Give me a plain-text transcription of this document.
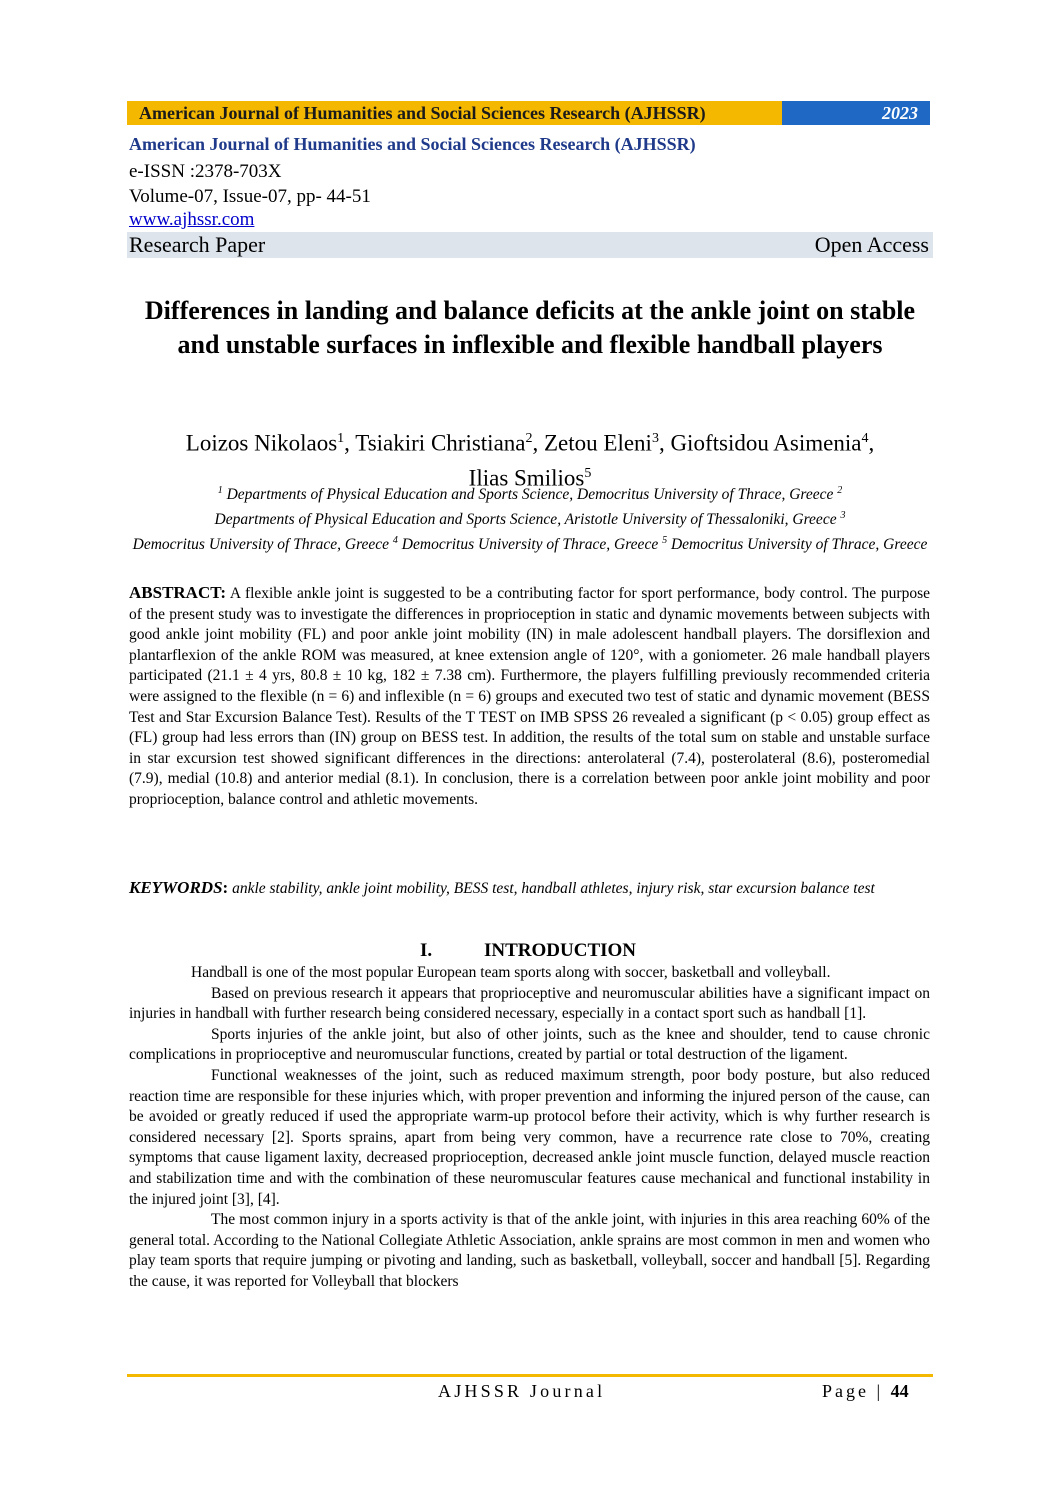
American Journal of Humanities and Social Sciences Research (AJHSSR)	2023
American Journal of Humanities and Social Sciences Research (AJHSSR)
e-ISSN :2378-703X
Volume-07, Issue-07, pp- 44-51
www.ajhssr.com
Research Paper	Open Access
Differences in landing and balance deficits at the ankle joint on stable and unstable surfaces in inflexible and flexible handball players
Loizos Nikolaos$^1$, Tsiakiri Christiana$^2$, Zetou Eleni$^3$, Gioftsidou Asimenia$^4$,
Ilias Smilios$^5$
$^1$ Departments of Physical Education and Sports Science, Democritus University of Thrace, Greece $^2$
Departments of Physical Education and Sports Science, Aristotle University of Thessaloniki, Greece $^3$
Democritus University of Thrace, Greece $^4$ Democritus University of Thrace, Greece $^5$ Democritus University of Thrace, Greece
ABSTRACT: A flexible ankle joint is suggested to be a contributing factor for sport performance, body control. The purpose of the present study was to investigate the differences in proprioception in static and dynamic movements between subjects with good ankle joint mobility (FL) and poor ankle joint mobility (IN) in male adolescent handball players. The dorsiflexion and plantarflexion of the ankle ROM was measured, at knee extension angle of 120°, with a goniometer. 26 male handball players participated (21.1 ± 4 yrs, 80.8 ± 10 kg, 182 ± 7.38 cm). Furthermore, the players fulfilling previously recommended criteria were assigned to the flexible (n = 6) and inflexible (n = 6) groups and executed two test of static and dynamic movement (BESS Test and Star Excursion Balance Test). Results of the T TEST on IMB SPSS 26 revealed a significant (p < 0.05) group effect as (FL) group had less errors than (IN) group on BESS test. In addition, the results of the total sum on stable and unstable surface in star excursion test showed significant differences in the directions: anterolateral (7.4), posterolateral (8.6), posteromedial (7.9), medial (10.8) and anterior medial (8.1). In conclusion, there is a correlation between poor ankle joint mobility and poor proprioception, balance control and athletic movements.
KEYWORDS: ankle stability, ankle joint mobility, BESS test, handball athletes, injury risk, star excursion balance test
I.	INTRODUCTION

Handball is one of the most popular European team sports along with soccer, basketball and volleyball.

Based on previous research it appears that proprioceptive and neuromuscular abilities have a significant impact on injuries in handball with further research being considered necessary, especially in a contact sport such as handball [1].

Sports injuries of the ankle joint, but also of other joints, such as the knee and shoulder, tend to cause chronic complications in proprioceptive and neuromuscular functions, created by partial or total destruction of the ligament.

Functional weaknesses of the joint, such as reduced maximum strength, poor body posture, but also reduced reaction time are responsible for these injuries which, with proper prevention and informing the injured person of the cause, can be avoided or greatly reduced if used the appropriate warm-up protocol before their activity, which is why further research is considered necessary [2]. Sports sprains, apart from being very common, have a recurrence rate close to 70%, creating symptoms that cause ligament laxity, decreased proprioception, decreased ankle joint muscle function, delayed muscle reaction and stabilization time and with the combination of these neuromuscular features cause mechanical and functional instability in the injured joint [3], [4].

The most common injury in a sports activity is that of the ankle joint, with injuries in this area reaching 60% of the general total. According to the National Collegiate Athletic Association, ankle sprains are most common in men and women who play team sports that require jumping or pivoting and landing, such as basketball, volleyball, soccer and handball [5]. Regarding the cause, it was reported for Volleyball that blockers

AJHSSR Journal	Page | 44
